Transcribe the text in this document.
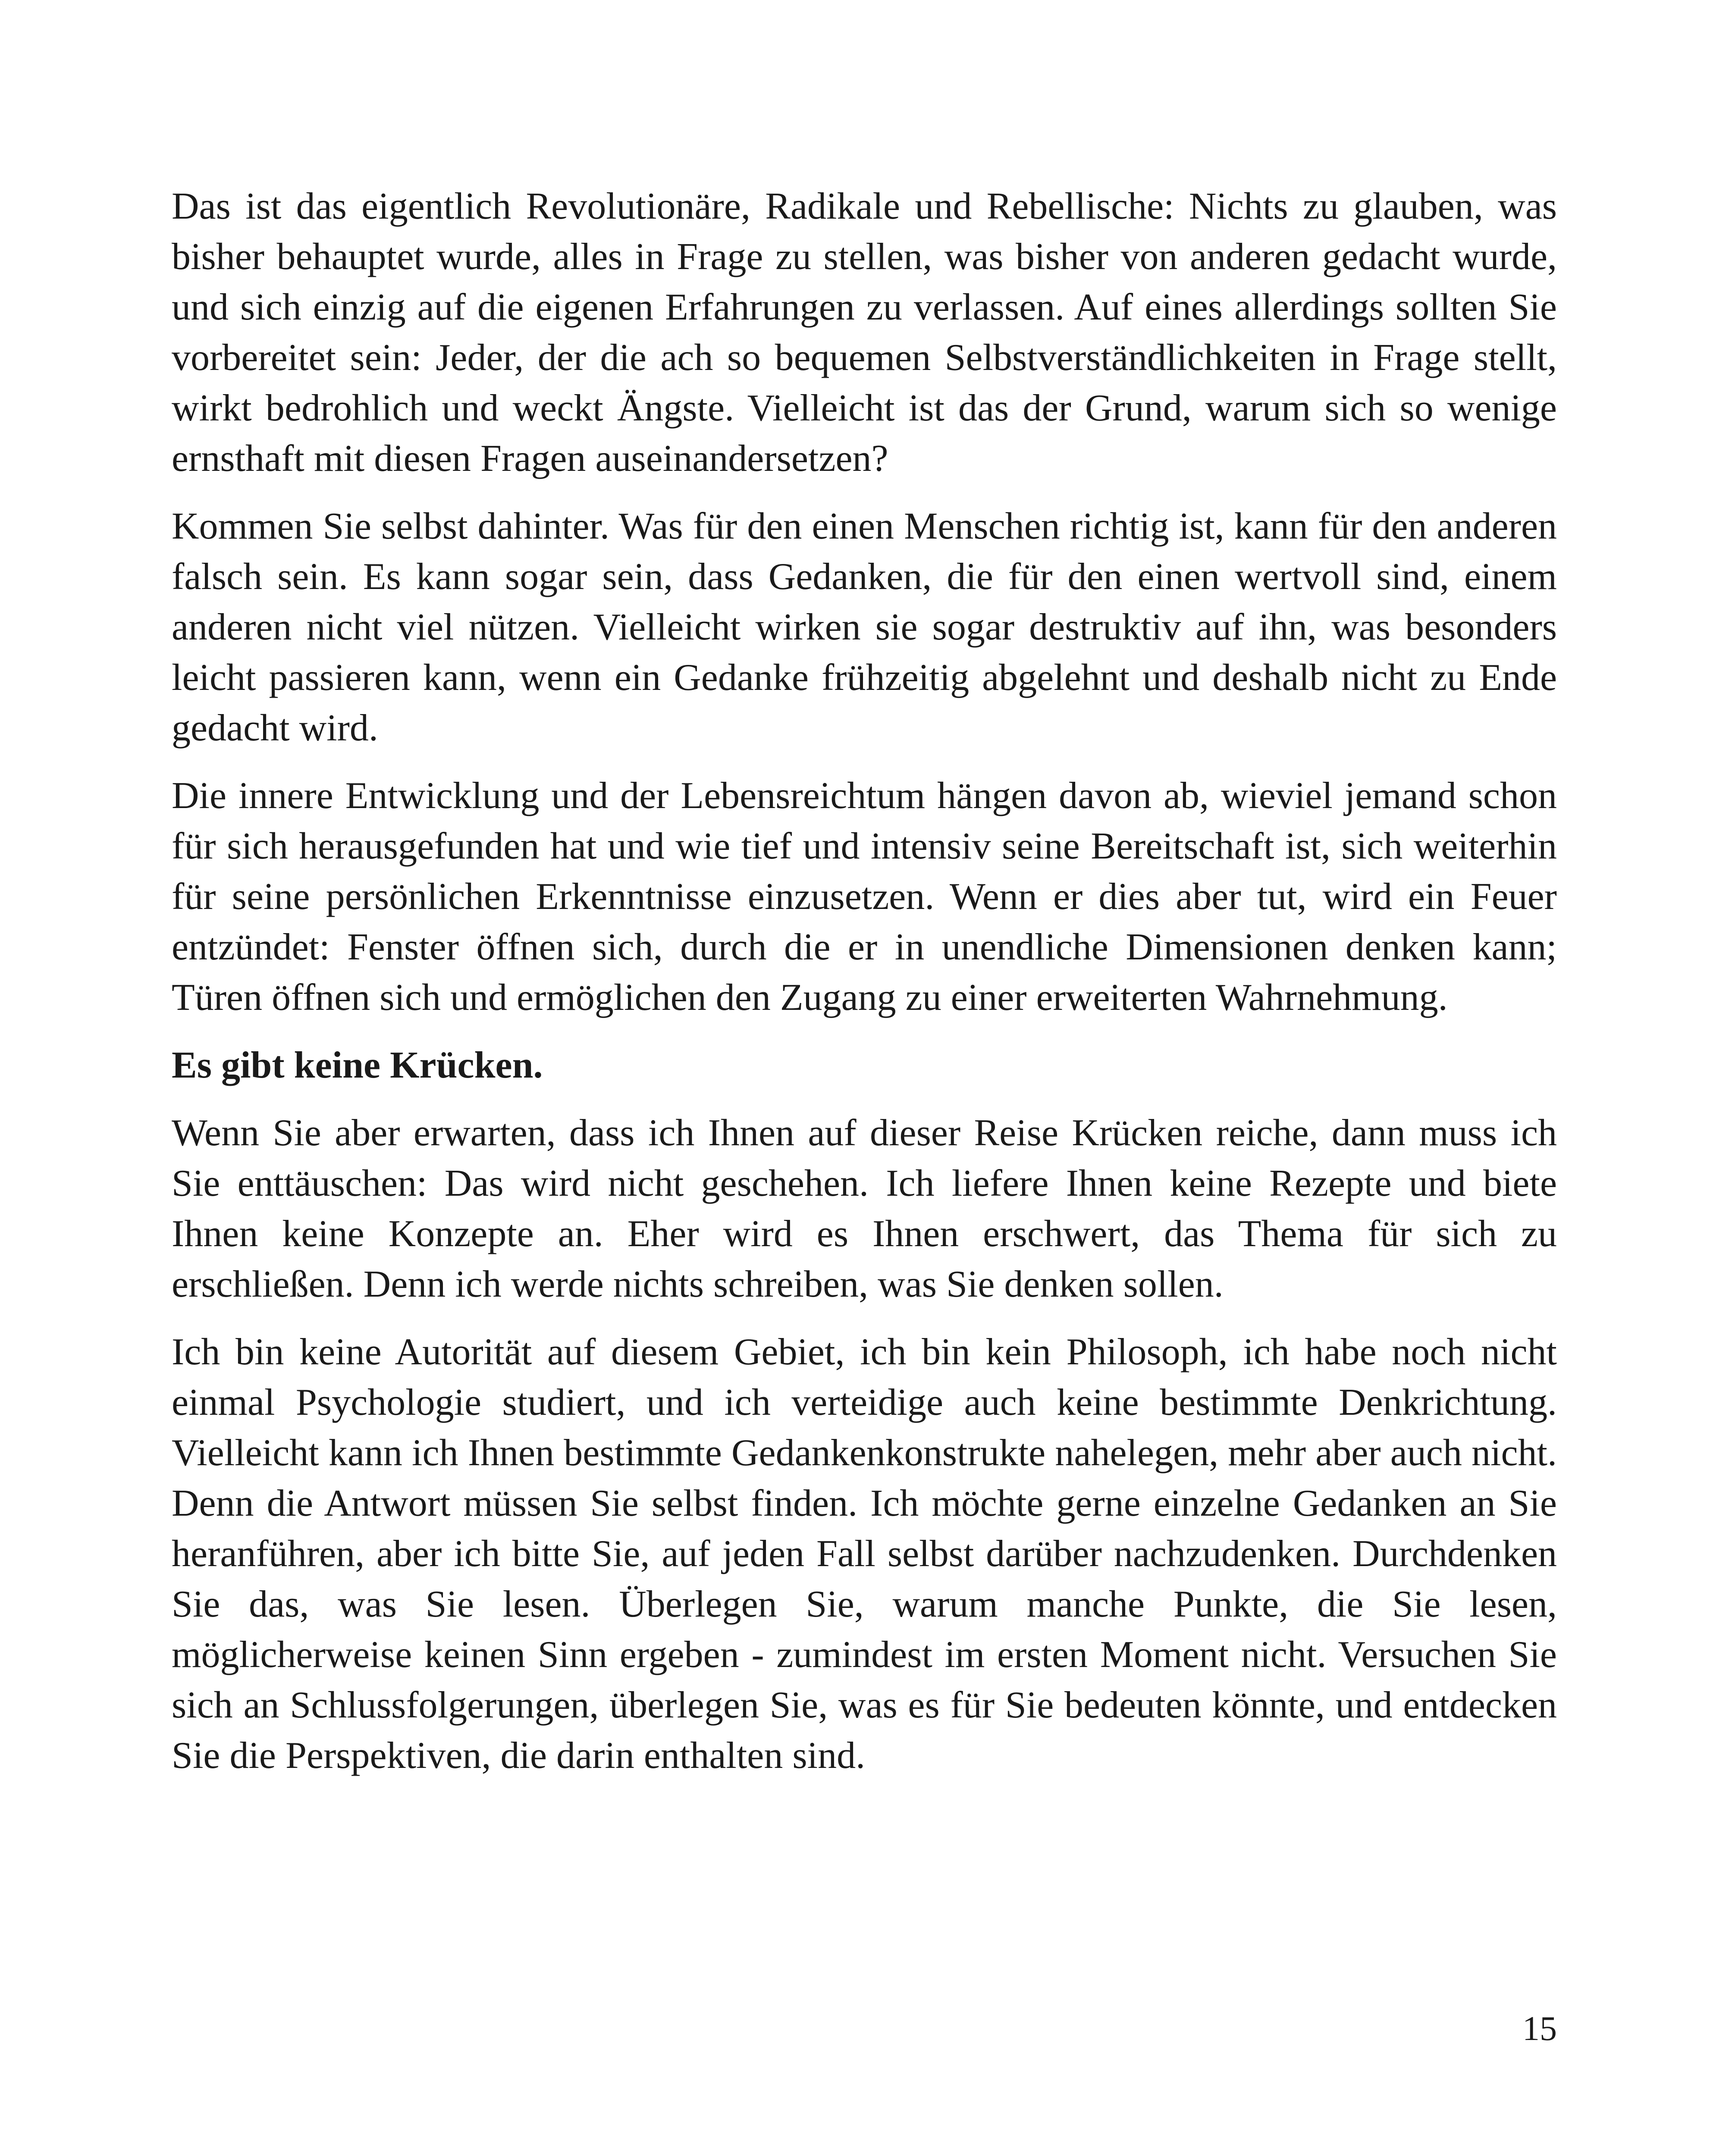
Das ist das eigentlich Revolutionäre, Radikale und Rebellische: Nichts zu glauben, was bisher behauptet wurde, alles in Frage zu stellen, was bisher von anderen gedacht wurde, und sich einzig auf die eigenen Erfahrungen zu verlassen. Auf eines allerdings sollten Sie vorbereitet sein: Jeder, der die ach so bequemen Selbstverständlichkeiten in Frage stellt, wirkt bedrohlich und weckt Ängste. Vielleicht ist das der Grund, warum sich so wenige ernsthaft mit diesen Fragen auseinandersetzen?

Kommen Sie selbst dahinter. Was für den einen Menschen richtig ist, kann für den anderen falsch sein. Es kann sogar sein, dass Gedanken, die für den einen wertvoll sind, einem anderen nicht viel nützen. Vielleicht wirken sie sogar destruktiv auf ihn, was besonders leicht passieren kann, wenn ein Gedanke frühzeitig abgelehnt und deshalb nicht zu Ende gedacht wird.

Die innere Entwicklung und der Lebensreichtum hängen davon ab, wieviel jemand schon für sich herausgefunden hat und wie tief und intensiv seine Bereitschaft ist, sich weiterhin für seine persönlichen Erkenntnisse einzusetzen. Wenn er dies aber tut, wird ein Feuer entzündet: Fenster öffnen sich, durch die er in unendliche Dimensionen denken kann; Türen öffnen sich und ermöglichen den Zugang zu einer erweiterten Wahrnehmung.

Es gibt keine Krücken.

Wenn Sie aber erwarten, dass ich Ihnen auf dieser Reise Krücken reiche, dann muss ich Sie enttäuschen: Das wird nicht geschehen. Ich liefere Ihnen keine Rezepte und biete Ihnen keine Konzepte an. Eher wird es Ihnen erschwert, das Thema für sich zu erschließen. Denn ich werde nichts schreiben, was Sie denken sollen.

Ich bin keine Autorität auf diesem Gebiet, ich bin kein Philosoph, ich habe noch nicht einmal Psychologie studiert, und ich verteidige auch keine bestimmte Denkrichtung. Vielleicht kann ich Ihnen bestimmte Gedankenkonstrukte nahelegen, mehr aber auch nicht. Denn die Antwort müssen Sie selbst finden. Ich möchte gerne einzelne Gedanken an Sie heranführen, aber ich bitte Sie, auf jeden Fall selbst darüber nachzudenken. Durchdenken Sie das, was Sie lesen. Überlegen Sie, warum manche Punkte, die Sie lesen, möglicherweise keinen Sinn ergeben - zumindest im ersten Moment nicht. Versuchen Sie sich an Schlussfolgerungen, überlegen Sie, was es für Sie bedeuten könnte, und entdecken Sie die Perspektiven, die darin enthalten sind.

15
